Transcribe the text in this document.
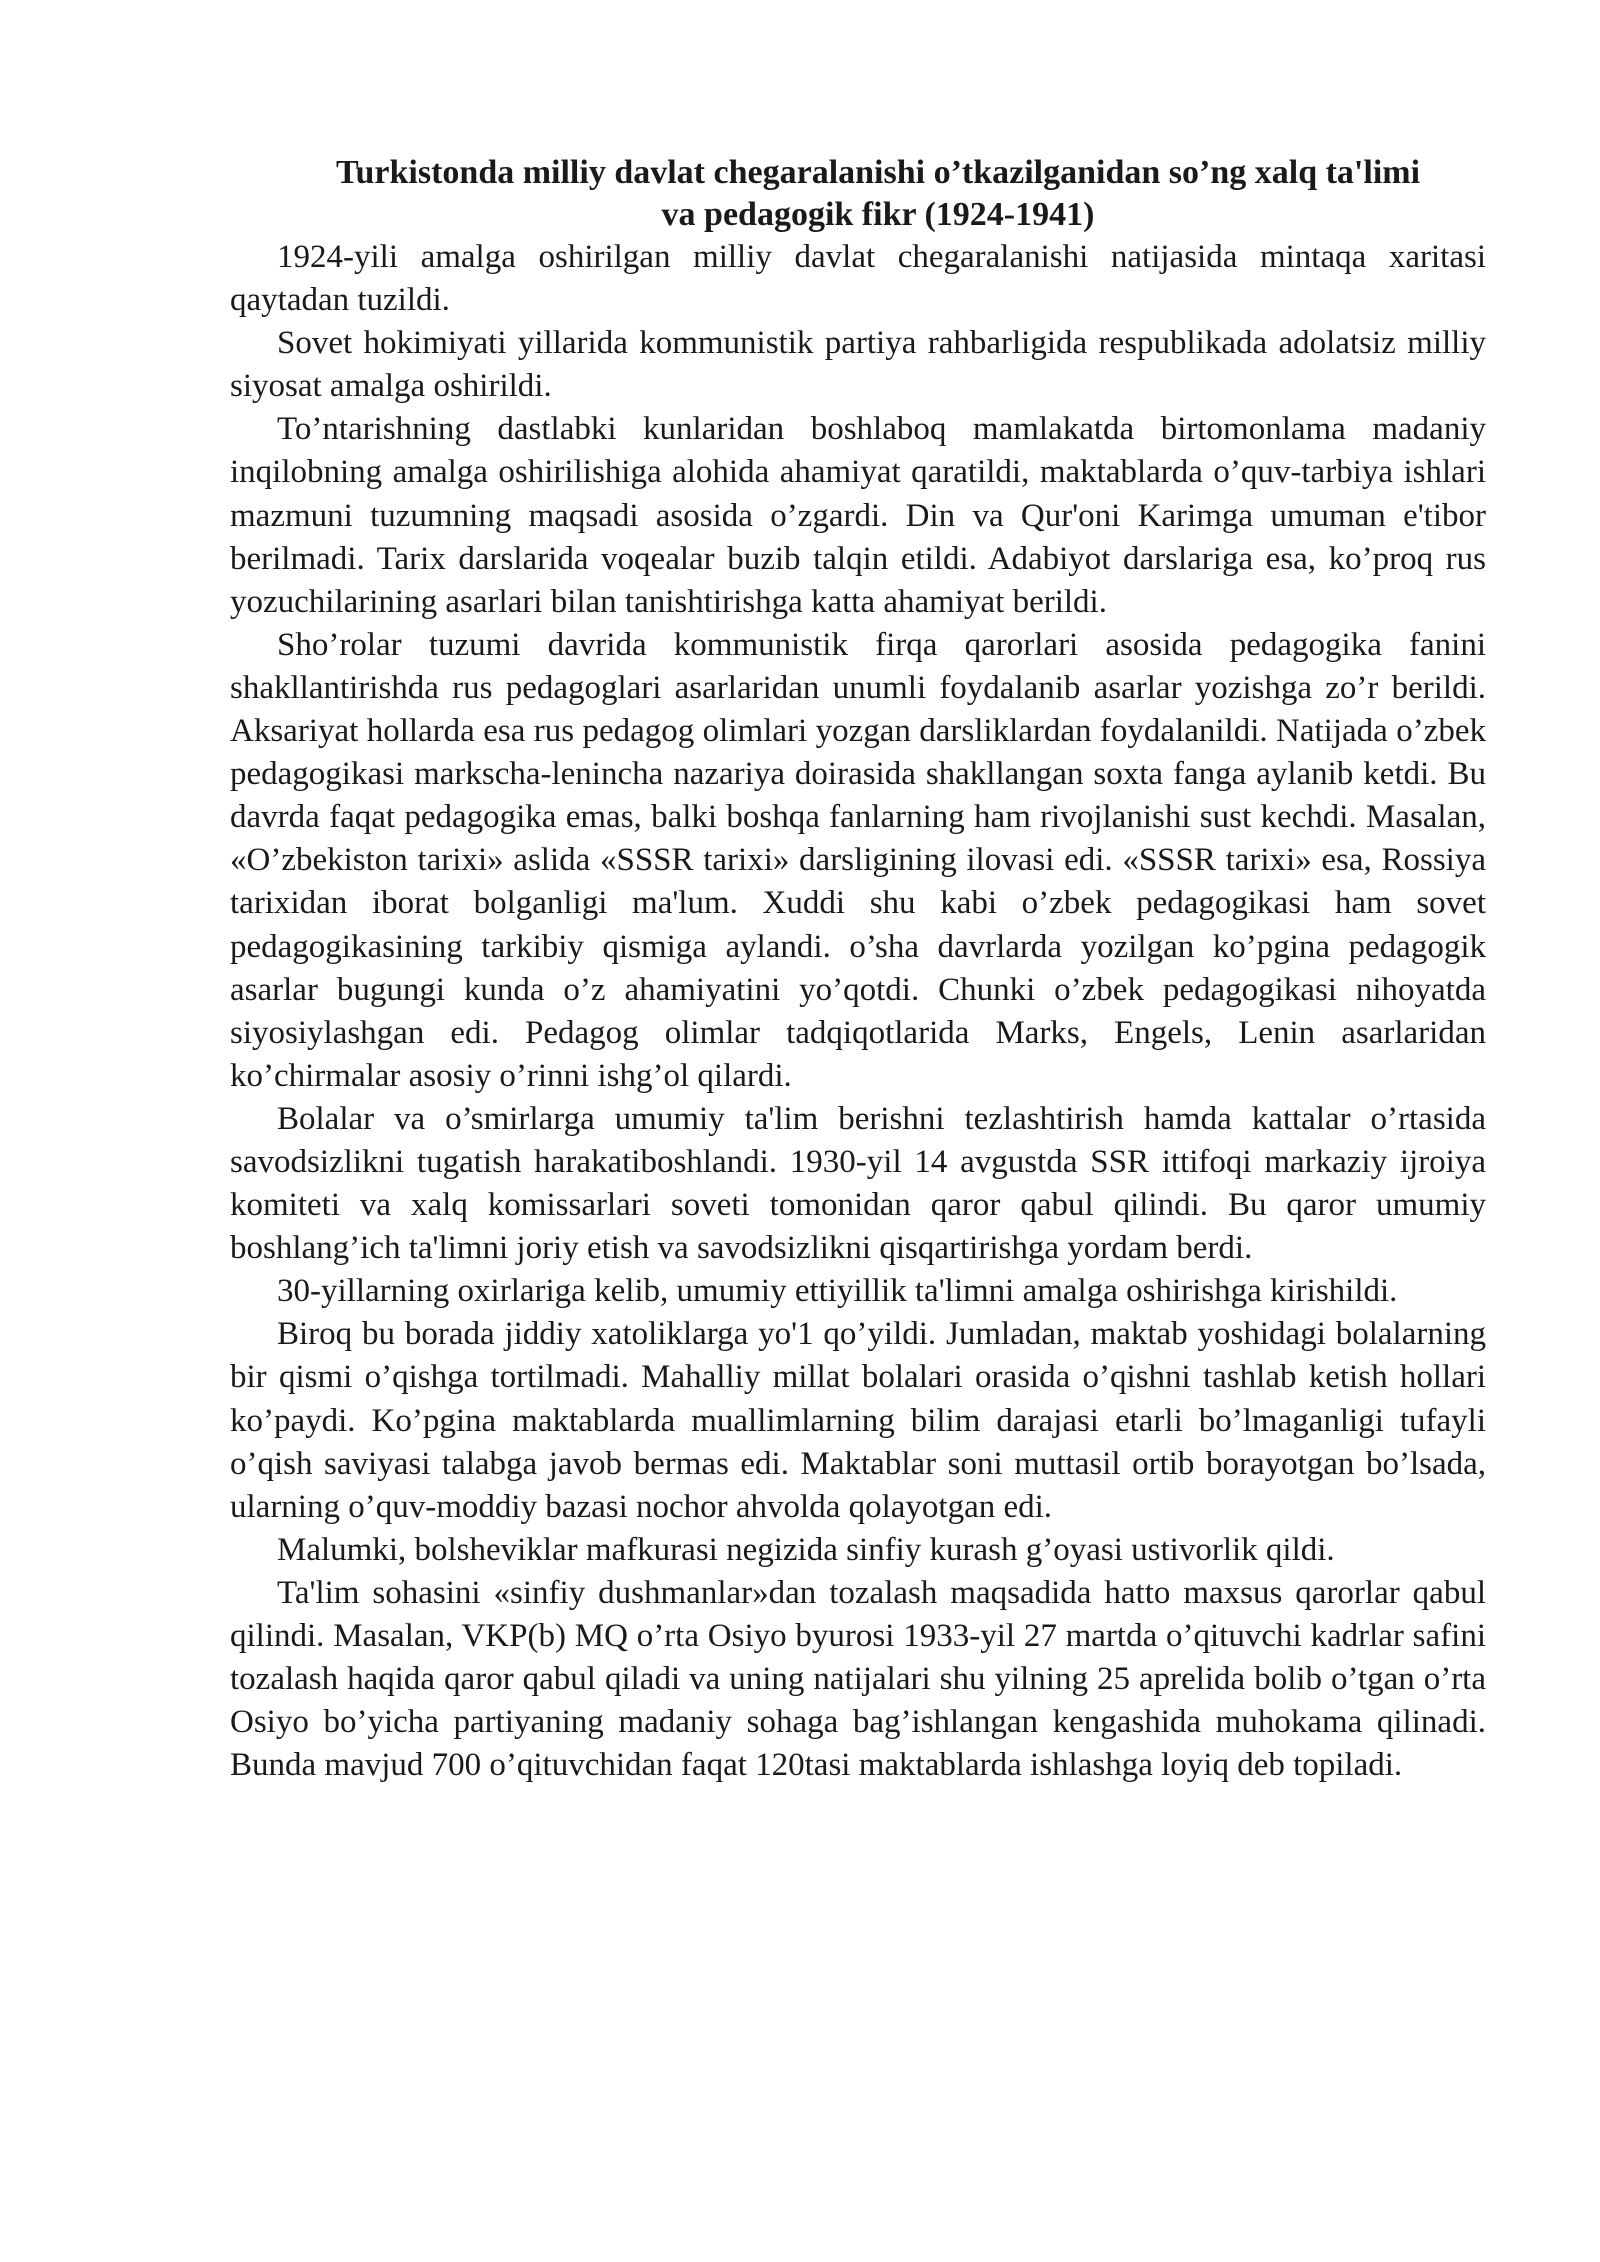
Turkistonda milliy davlat chegaralanishi o’tkazilganidan so’ng xalq ta'limi
va pedagogik fikr (1924-1941)

1924-yili amalga oshirilgan milliy davlat chegaralanishi natijasida mintaqa xaritasi qaytadan tuzildi.

Sovet hokimiyati yillarida kommunistik partiya rahbarligida respublikada adolatsiz milliy siyosat amalga oshirildi.

To’ntarishning dastlabki kunlaridan boshlaboq mamlakatda birtomonlama madaniy inqilobning amalga oshirilishiga alohida ahamiyat qaratildi, maktablarda o’quv-tarbiya ishlari mazmuni tuzumning maqsadi asosida o’zgardi. Din va Qur'oni Karimga umuman e'tibor berilmadi. Tarix darslarida voqealar buzib talqin etildi. Adabiyot darslariga esa, ko’proq rus yozuchilarining asarlari bilan tanishtirishga katta ahamiyat berildi.

Sho’rolar tuzumi davrida kommunistik firqa qarorlari asosida pedagogika fanini shakllantirishda rus pedagoglari asarlaridan unumli foydalanib asarlar yozishga zo’r berildi. Aksariyat hollarda esa rus pedagog olimlari yozgan darsliklardan foydalanildi. Natijada o’zbek pedagogikasi markscha-lenincha nazariya doirasida shakllangan soxta fanga aylanib ketdi. Bu davrda faqat pedagogika emas, balki boshqa fanlarning ham rivojlanishi sust kechdi. Masalan, «O’zbekiston tarixi» aslida «SSSR tarixi» darsligining ilovasi edi. «SSSR tarixi» esa, Rossiya tarixidan iborat bolganligi ma'lum. Xuddi shu kabi o’zbek pedagogikasi ham sovet pedagogikasining tarkibiy qismiga aylandi. o’sha davrlarda yozilgan ko’pgina pedagogik asarlar bugungi kunda o’z ahamiyatini yo’qotdi. Chunki o’zbek pedagogikasi nihoyatda siyosiylashgan edi. Pedagog olimlar tadqiqotlarida Marks, Engels, Lenin asarlaridan ko’chirmalar asosiy o’rinni ishg’ol qilardi.

Bolalar va o’smirlarga umumiy ta'lim berishni tezlashtirish hamda kattalar o’rtasida savodsizlikni tugatish harakatiboshlandi. 1930-yil 14 avgustda SSR ittifoqi markaziy ijroiya komiteti va xalq komissarlari soveti tomonidan qaror qabul qilindi. Bu qaror umumiy boshlang’ich ta'limni joriy etish va savodsizlikni qisqartirishga yordam berdi.

30-yillarning oxirlariga kelib, umumiy ettiyillik ta'limni amalga oshirishga kirishildi.

Biroq bu borada jiddiy xatoliklarga yo'1 qo’yildi. Jumladan, maktab yoshidagi bolalarning bir qismi o’qishga tortilmadi. Mahalliy millat bolalari orasida o’qishni tashlab ketish hollari ko’paydi. Ko’pgina maktablarda muallimlarning bilim darajasi etarli bo’lmaganligi tufayli o’qish saviyasi talabga javob bermas edi. Maktablar soni muttasil ortib borayotgan bo’lsada, ularning o’quv-moddiy bazasi nochor ahvolda qolayotgan edi.

Malumki, bolsheviklar mafkurasi negizida sinfiy kurash g’oyasi ustivorlik qildi.

Ta'lim sohasini «sinfiy dushmanlar»dan tozalash maqsadida hatto maxsus qarorlar qabul qilindi. Masalan, VKP(b) MQ o’rta Osiyo byurosi 1933-yil 27 martda o’qituvchi kadrlar safini tozalash haqida qaror qabul qiladi va uning natijalari shu yilning 25 aprelida bolib o’tgan o’rta Osiyo bo’yicha partiyaning madaniy sohaga bag’ishlangan kengashida muhokama qilinadi. Bunda mavjud 700 o’qituvchidan faqat 120tasi maktablarda ishlashga loyiq deb topiladi.
